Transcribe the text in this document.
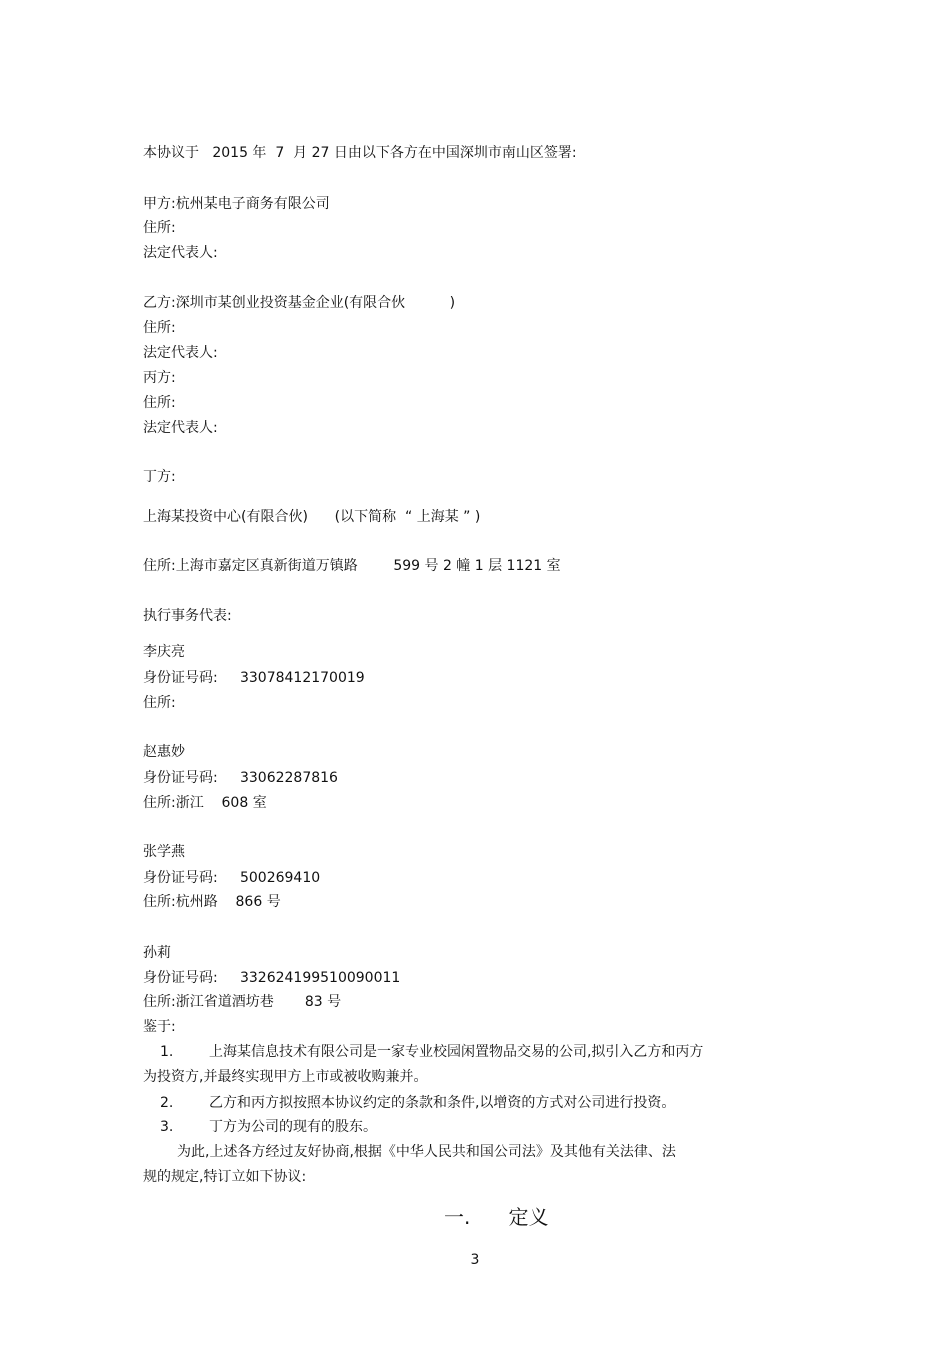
本协议于   2015 年  7  月 27 日由以下各方在中国深圳市南山区签署:
甲方:杭州某电子商务有限公司
住所:
法定代表人:
乙方:深圳市某创业投资基金企业(有限合伙          )
住所:
法定代表人:
丙方:
住所:
法定代表人:
丁方:
上海某投资中心(有限合伙)      (以下简称  “ 上海某 ” )
住所:上海市嘉定区真新街道万镇路        599 号 2 幢 1 层 1121 室
执行事务代表:
李庆亮
身份证号码:     33078412170019
住所:
赵惠妙
身份证号码:     33062287816
住所:浙江    608 室
张学燕
身份证号码:     500269410
住所:杭州路    866 号
孙莉
身份证号码:     332624199510090011
住所:浙江省道酒坊巷       83 号
鉴于:
1.        上海某信息技术有限公司是一家专业校园闲置物品交易的公司,拟引入乙方和丙方
为投资方,并最终实现甲方上市或被收购兼并。
2.        乙方和丙方拟按照本协议约定的条款和条件,以增资的方式对公司进行投资。
3.        丁方为公司的现有的股东。
为此,上述各方经过友好协商,根据《中华人民共和国公司法》及其他有关法律、法
规的规定,特订立如下协议:
一.      定义
3
